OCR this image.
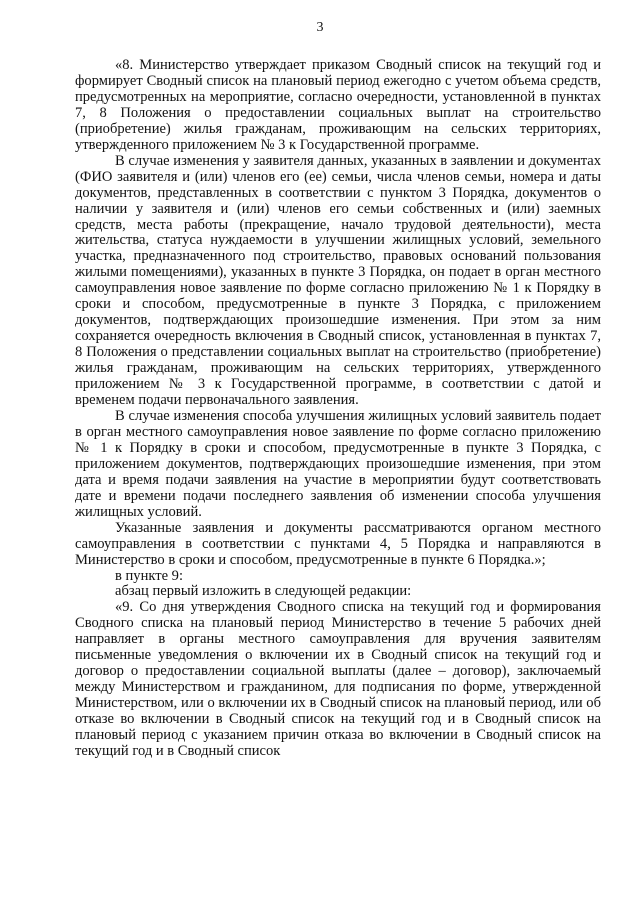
3

«8. Министерство утверждает приказом Сводный список на текущий год и формирует Сводный список на плановый период ежегодно с учетом объема средств, предусмотренных на мероприятие, согласно очередности, установленной в пунктах 7, 8 Положения о предоставлении социальных выплат на строительство (приобретение) жилья гражданам, проживающим на сельских территориях, утвержденного приложением № 3 к Государственной программе.

В случае изменения у заявителя данных, указанных в заявлении и документах (ФИО заявителя и (или) членов его (ее) семьи, числа членов семьи, номера и даты документов, представленных в соответствии с пунктом 3 Порядка, документов о наличии у заявителя и (или) членов его семьи собственных и (или) заемных средств, места работы (прекращение, начало трудовой деятельности), места жительства, статуса нуждаемости в улучшении жилищных условий, земельного участка, предназначенного под строительство, правовых оснований пользования жилыми помещениями), указанных в пункте 3 Порядка, он подает в орган местного самоуправления новое заявление по форме согласно приложению № 1 к Порядку в сроки и способом, предусмотренные в пункте 3 Порядка, с приложением документов, подтверждающих произошедшие изменения. При этом за ним сохраняется очередность включения в Сводный список, установленная в пунктах 7, 8 Положения о представлении социальных выплат на строительство (приобретение) жилья гражданам, проживающим на сельских территориях, утвержденного приложением № 3 к Государственной программе, в соответствии с датой и временем подачи первоначального заявления.

В случае изменения способа улучшения жилищных условий заявитель подает в орган местного самоуправления новое заявление по форме согласно приложению № 1 к Порядку в сроки и способом, предусмотренные в пункте 3 Порядка, с приложением документов, подтверждающих произошедшие изменения, при этом дата и время подачи заявления на участие в мероприятии будут соответствовать дате и времени подачи последнего заявления об изменении способа улучшения жилищных условий.

Указанные заявления и документы рассматриваются органом местного самоуправления в соответствии с пунктами 4, 5 Порядка и направляются в Министерство в сроки и способом, предусмотренные в пункте 6 Порядка.»;

в пункте 9:

абзац первый изложить в следующей редакции:

«9. Со дня утверждения Сводного списка на текущий год и формирования Сводного списка на плановый период Министерство в течение 5 рабочих дней направляет в органы местного самоуправления для вручения заявителям письменные уведомления о включении их в Сводный список на текущий год и договор о предоставлении социальной выплаты (далее – договор), заключаемый между Министерством и гражданином, для подписания по форме, утвержденной Министерством, или о включении их в Сводный список на плановый период, или об отказе во включении в Сводный список на текущий год и в Сводный список на плановый период с указанием причин отказа во включении в Сводный список на текущий год и в Сводный список
